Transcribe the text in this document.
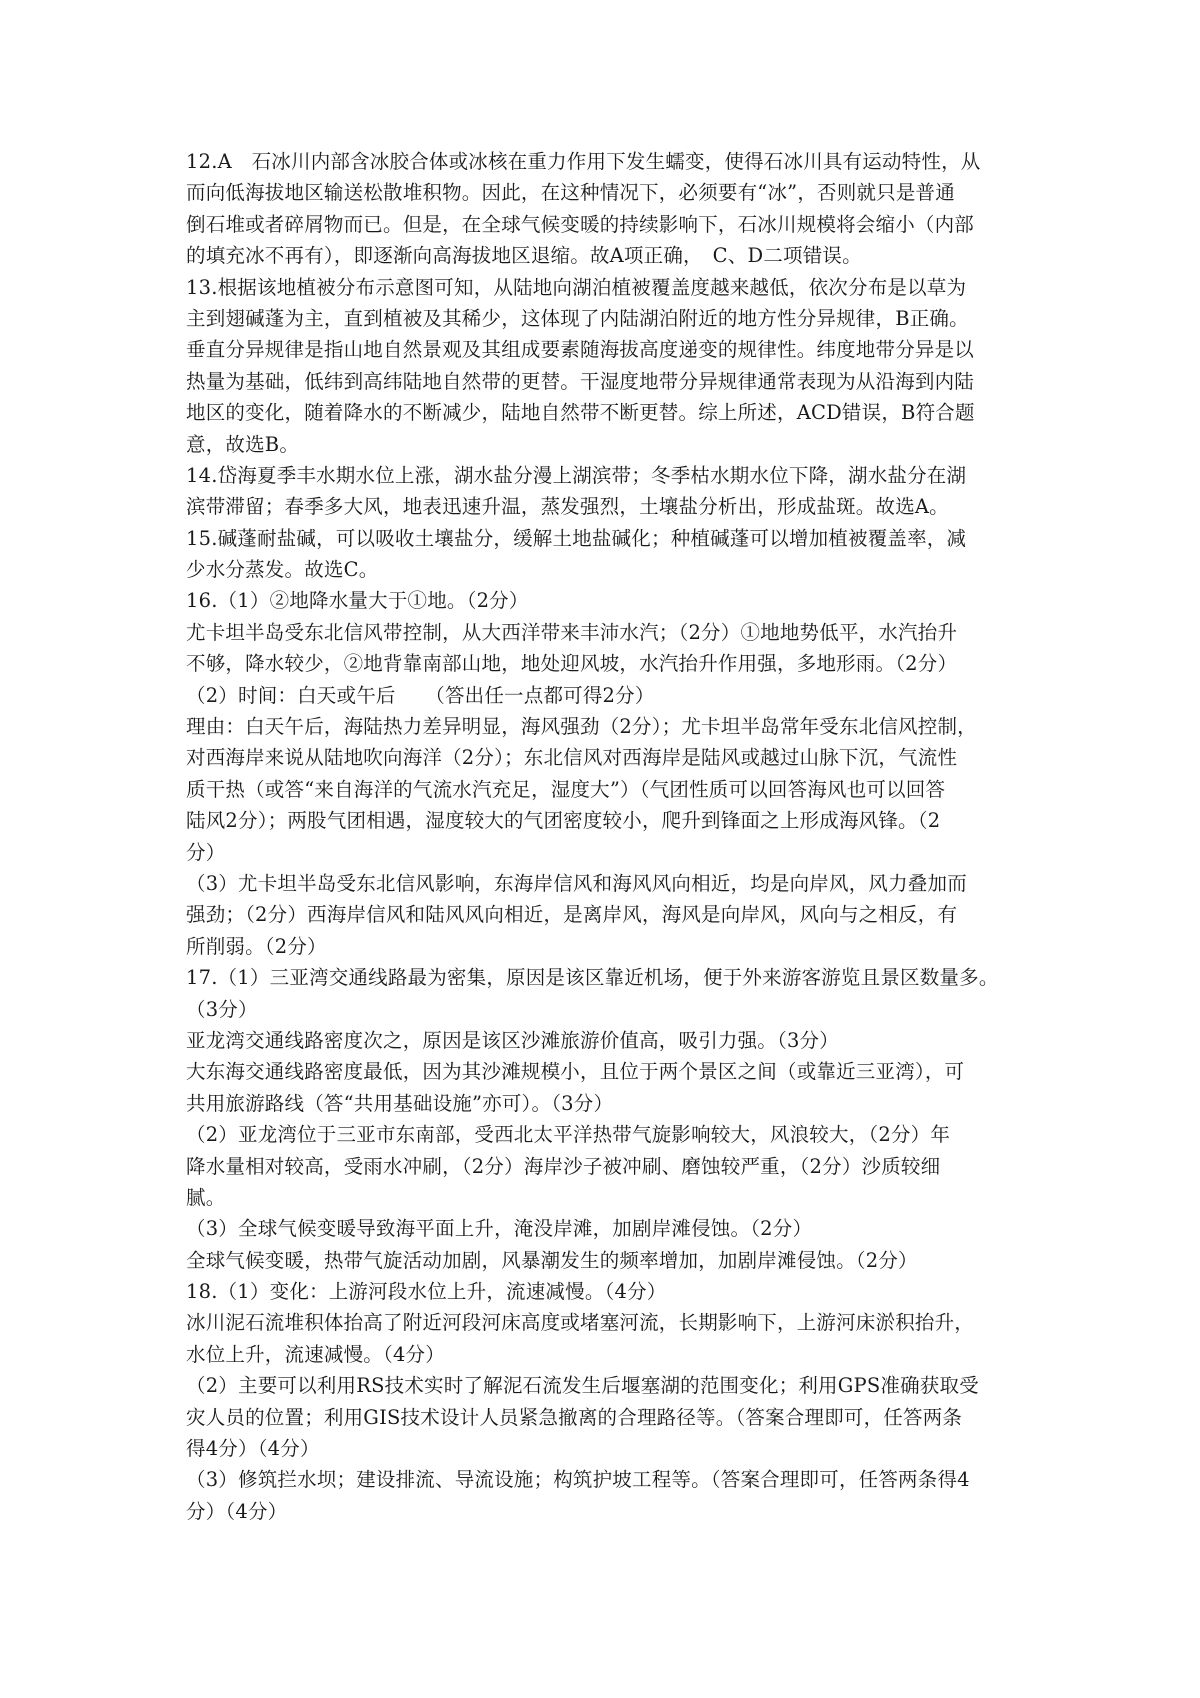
12.A　石冰川内部含冰胶合体或冰核在重力作用下发生蠕变，使得石冰川具有运动特性，从
而向低海拔地区输送松散堆积物。因此，在这种情况下，必须要有“冰”，否则就只是普通
倒石堆或者碎屑物而已。但是，在全球气候变暖的持续影响下，石冰川规模将会缩小（内部
的填充冰不再有），即逐渐向高海拔地区退缩。故A项正确，　C、D二项错误。
13.根据该地植被分布示意图可知，从陆地向湖泊植被覆盖度越来越低，依次分布是以草为
主到翅碱蓬为主，直到植被及其稀少，这体现了内陆湖泊附近的地方性分异规律，B正确。
垂直分异规律是指山地自然景观及其组成要素随海拔高度递变的规律性。纬度地带分异是以
热量为基础，低纬到高纬陆地自然带的更替。干湿度地带分异规律通常表现为从沿海到内陆
地区的变化，随着降水的不断减少，陆地自然带不断更替。综上所述，ACD错误，B符合题
意，故选B。
14.岱海夏季丰水期水位上涨，湖水盐分漫上湖滨带；冬季枯水期水位下降，湖水盐分在湖
滨带滞留；春季多大风，地表迅速升温，蒸发强烈，土壤盐分析出，形成盐斑。故选A。
15.碱蓬耐盐碱，可以吸收土壤盐分，缓解土地盐碱化；种植碱蓬可以增加植被覆盖率，减
少水分蒸发。故选C。
16.（1）②地降水量大于①地。（2分）
尤卡坦半岛受东北信风带控制，从大西洋带来丰沛水汽；（2分）①地地势低平，水汽抬升
不够，降水较少，②地背靠南部山地，地处迎风坡，水汽抬升作用强，多地形雨。（2分）
（2）时间：白天或午后　　（答出任一点都可得2分）
理由：白天午后，海陆热力差异明显，海风强劲（2分）；尤卡坦半岛常年受东北信风控制，
对西海岸来说从陆地吹向海洋（2分）；东北信风对西海岸是陆风或越过山脉下沉，气流性
质干热（或答“来自海洋的气流水汽充足，湿度大”）（气团性质可以回答海风也可以回答
陆风2分）；两股气团相遇，湿度较大的气团密度较小，爬升到锋面之上形成海风锋。（2
分）
（3）尤卡坦半岛受东北信风影响，东海岸信风和海风风向相近，均是向岸风，风力叠加而
强劲；（2分）西海岸信风和陆风风向相近，是离岸风，海风是向岸风，风向与之相反，有
所削弱。（2分）
17.（1）三亚湾交通线路最为密集，原因是该区靠近机场，便于外来游客游览且景区数量多。
（3分）
亚龙湾交通线路密度次之，原因是该区沙滩旅游价值高，吸引力强。（3分）
大东海交通线路密度最低，因为其沙滩规模小，且位于两个景区之间（或靠近三亚湾），可
共用旅游路线（答“共用基础设施”亦可）。（3分）
（2）亚龙湾位于三亚市东南部，受西北太平洋热带气旋影响较大，风浪较大，（2分）年
降水量相对较高，受雨水冲刷，（2分）海岸沙子被冲刷、磨蚀较严重，（2分）沙质较细
腻。
（3）全球气候变暖导致海平面上升，淹没岸滩，加剧岸滩侵蚀。（2分）
全球气候变暖，热带气旋活动加剧，风暴潮发生的频率增加，加剧岸滩侵蚀。（2分）
18.（1）变化：上游河段水位上升，流速减慢。（4分）
冰川泥石流堆积体抬高了附近河段河床高度或堵塞河流，长期影响下，上游河床淤积抬升，
水位上升，流速减慢。（4分）
（2）主要可以利用RS技术实时了解泥石流发生后堰塞湖的范围变化；利用GPS准确获取受
灾人员的位置；利用GIS技术设计人员紧急撤离的合理路径等。（答案合理即可，任答两条
得4分）（4分）
（3）修筑拦水坝；建设排流、导流设施；构筑护坡工程等。（答案合理即可，任答两条得4
分）（4分）
